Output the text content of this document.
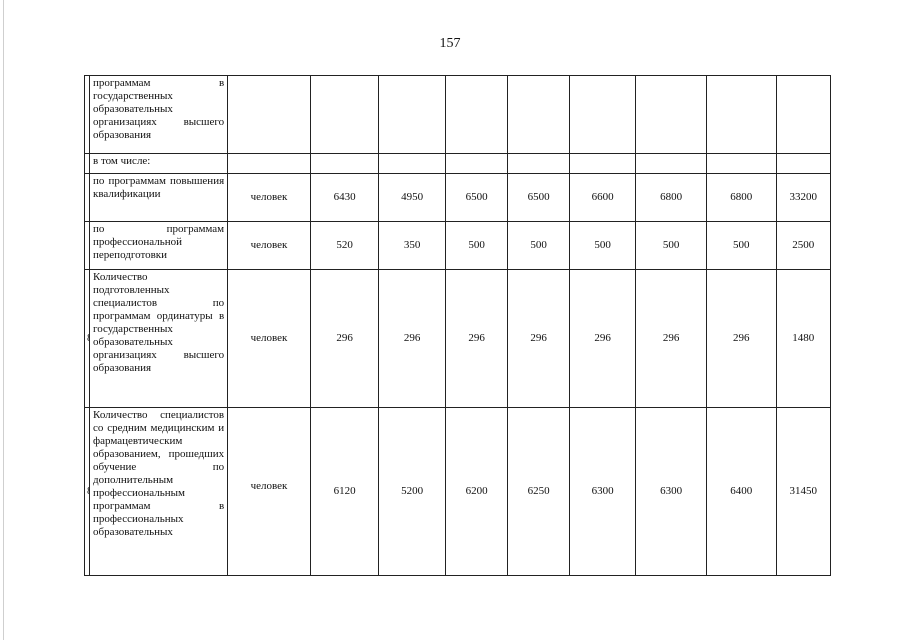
157
	программам в государственных образовательных организациях высшего образования									
	в том числе:									
	по программам повышения квалификации	человек	6430	4950	6500	6500	6600	6800	6800	33200
	по программам профессиональной переподготовки	человек	520	350	500	500	500	500	500	2500
	Количество подготовленных специалистов по программам ординатуры в государственных образовательных организациях высшего образования	человек	296	296	296	296	296	296	296	1480
	Количество специалистов со средним медицинским и фармацевтическим образованием, прошедших обучение по дополнительным профессиональным программам в профессиональных образовательных	человек	6120	5200	6200	6250	6300	6300	6400	31450
